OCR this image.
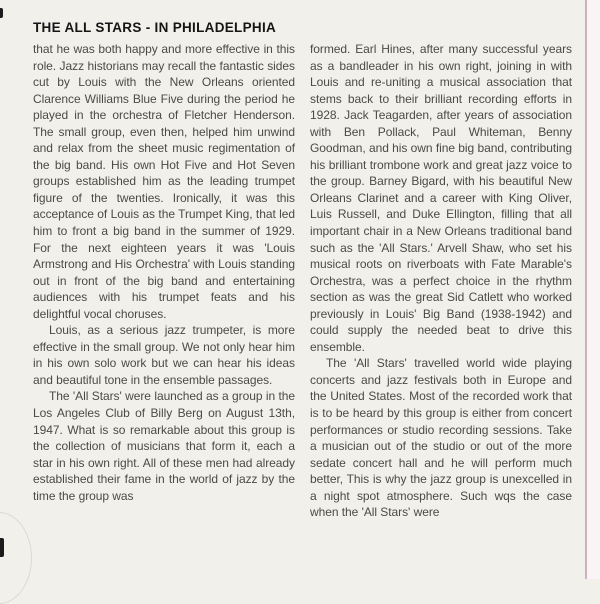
THE ALL STARS - IN PHILADELPHIA

that he was both happy and more effective in this role. Jazz historians may recall the fantastic sides cut by Louis with the New Orleans oriented Clarence Williams Blue Five during the period he played in the orchestra of Fletcher Henderson. The small group, even then, helped him unwind and relax from the sheet music regimentation of the big band. His own Hot Five and Hot Seven groups established him as the leading trumpet figure of the twenties. Ironically, it was this acceptance of Louis as the Trumpet King, that led him to front a big band in the summer of 1929. For the next eighteen years it was 'Louis Armstrong and His Orchestra' with Louis standing out in front of the big band and entertaining audiences with his trumpet feats and his delightful vocal choruses.

Louis, as a serious jazz trumpeter, is more effective in the small group. We not only hear him in his own solo work but we can hear his ideas and beautiful tone in the ensemble passages.

The 'All Stars' were launched as a group in the Los Angeles Club of Billy Berg on August 13th, 1947. What is so remarkable about this group is the collection of musicians that form it, each a star in his own right. All of these men had already established their fame in the world of jazz by the time the group was

formed. Earl Hines, after many successful years as a bandleader in his own right, joining in with Louis and re-uniting a musical association that stems back to their brilliant recording efforts in 1928. Jack Teagarden, after years of association with Ben Pollack, Paul Whiteman, Benny Goodman, and his own fine big band, contributing his brilliant trombone work and great jazz voice to the group. Barney Bigard, with his beautiful New Orleans Clarinet and a career with King Oliver, Luis Russell, and Duke Ellington, filling that all important chair in a New Orleans traditional band such as the 'All Stars.' Arvell Shaw, who set his musical roots on riverboats with Fate Marable's Orchestra, was a perfect choice in the rhythm section as was the great Sid Catlett who worked previously in Louis' Big Band (1938-1942) and could supply the needed beat to drive this ensemble.

The 'All Stars' travelled world wide playing concerts and jazz festivals both in Europe and the United States. Most of the recorded work that is to be heard by this group is either from concert performances or studio recording sessions. Take a musician out of the studio or out of the more sedate concert hall and he will perform much better, This is why the jazz group is unexcelled in a night spot atmosphere. Such wqs the case when the 'All Stars' were
